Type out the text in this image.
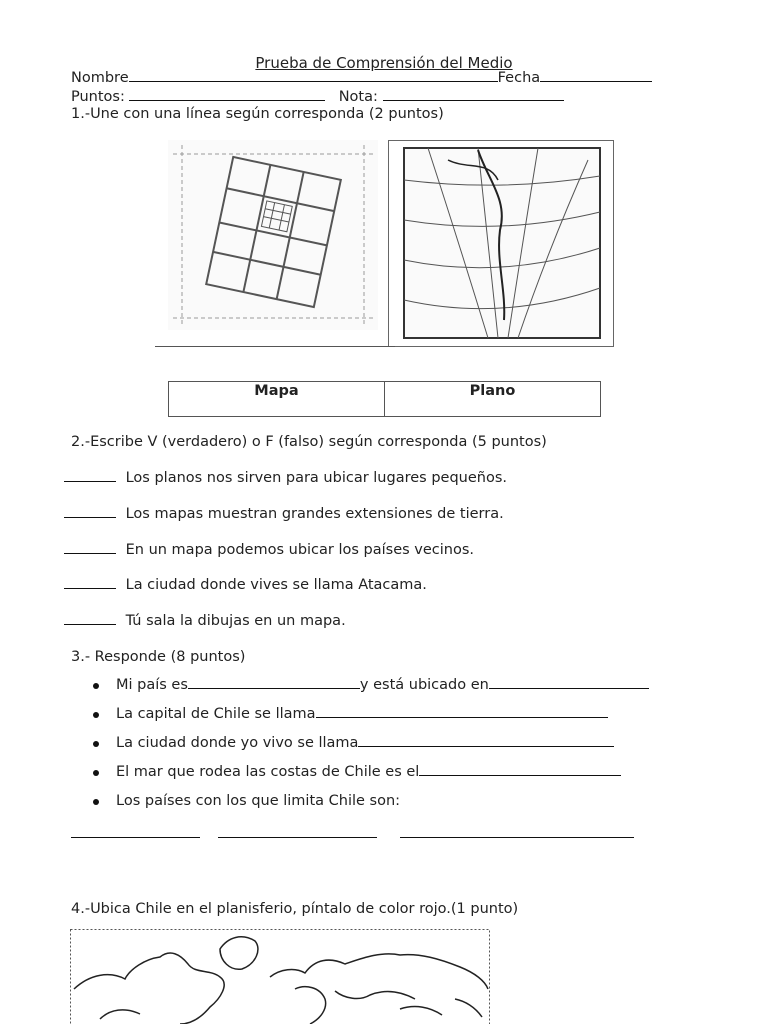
Prueba de Comprensión del Medio
Nombre	Fecha
Puntos:	Nota:
1.-Une con una línea según corresponda (2 puntos)
Mapa	Plano
2.-Escribe V (verdadero) o F (falso) según corresponda (5 puntos)
Los planos nos sirven para ubicar lugares pequeños.
Los mapas muestran grandes extensiones de tierra.
En un mapa podemos ubicar los países vecinos.
La ciudad donde vives se llama Atacama.
Tú sala la dibujas en un mapa.
3.- Responde (8 puntos)
Mi país es	y está ubicado en
La capital de Chile se llama
La ciudad donde yo vivo se llama
El mar que rodea las costas de Chile es el
Los países con los que limita Chile son:
4.-Ubica Chile en el planisferio, píntalo de color rojo.(1 punto)
